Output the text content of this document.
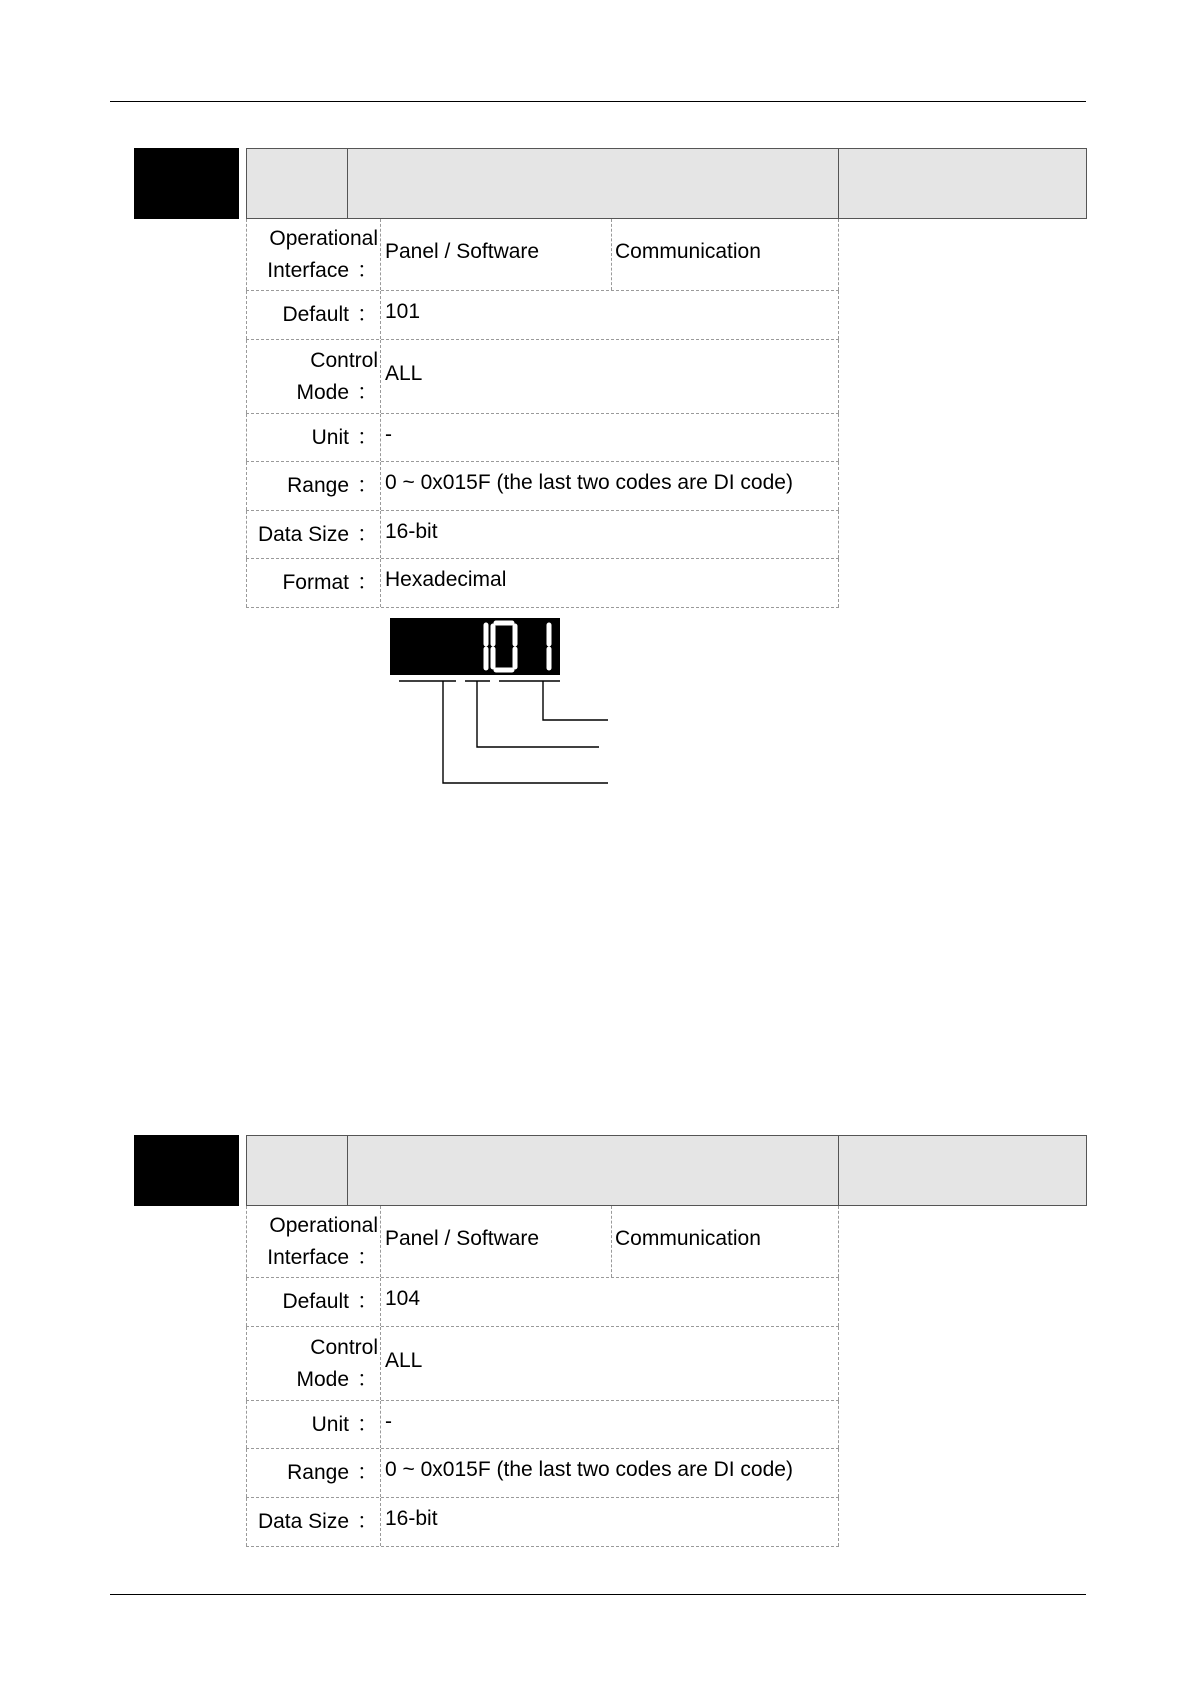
Operational
Interface ：
Panel / Software	Communication
Default ： 101
Control
Mode ：
ALL
Unit ： -
Range ： 0 ~ 0x015F (the last two codes are DI code)
Data Size ： 16-bit
Format ： Hexadecimal
Operational
Interface ：
Panel / Software	Communication
Default ： 104
Control
Mode ：
ALL
Unit ： -
Range ： 0 ~ 0x015F (the last two codes are DI code)
Data Size ： 16-bit
